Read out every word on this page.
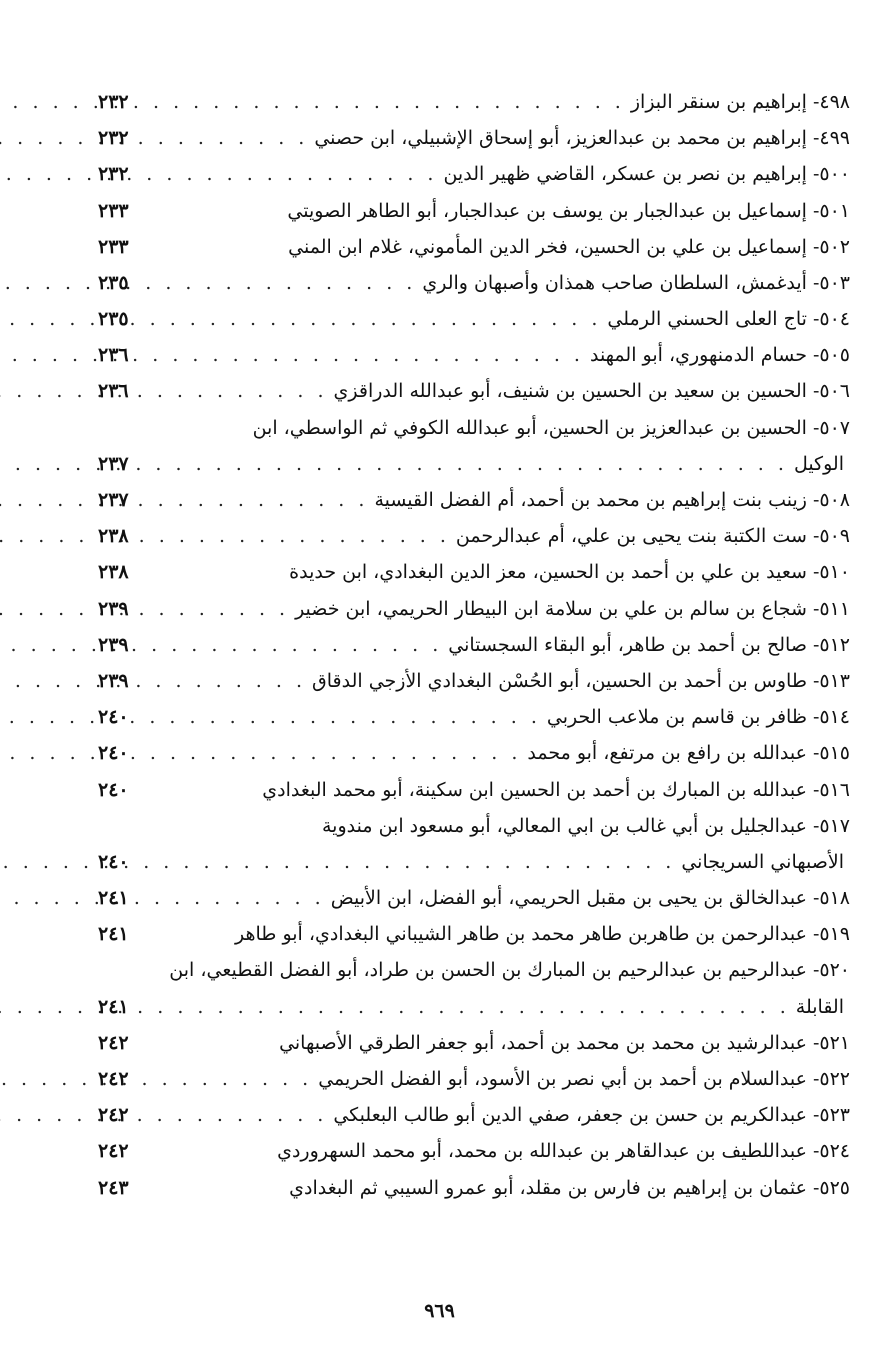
٤٩٨-
إبراهيم بن سنقر البزاز
. . .
٢٣٢
٤٩٩-
إبراهيم بن محمد بن عبدالعزيز، أبو إسحاق الإشبيلي، ابن حصني
. . .
٢٣٢
٥٠٠-
إبراهيم بن نصر بن عسكر، القاضي ظهير الدين
. . .
٢٣٢
٥٠١-
إسماعيل بن عبدالجبار بن يوسف بن عبدالجبار، أبو الطاهر الصويتي
٢٣٣
٥٠٢-
إسماعيل بن علي بن الحسين، فخر الدين المأموني، غلام ابن المني
٢٣٣
٥٠٣-
أيدغمش، السلطان صاحب همذان وأصبهان والري
. . .
٢٣٥
٥٠٤-
تاج العلى الحسني الرملي
. . .
٢٣٥
٥٠٥-
حسام الدمنهوري، أبو المهند
. . .
٢٣٦
٥٠٦-
الحسين بن سعيد بن الحسين بن شنيف، أبو عبدالله الدراقزي
. . .
٢٣٦
٥٠٧-
الحسين بن عبدالعزيز بن الحسين، أبو عبدالله الكوفي ثم الواسطي، ابن
الوكيل
. . .
٢٣٧
٥٠٨-
زينب بنت إبراهيم بن محمد بن أحمد، أم الفضل القيسية
. . .
٢٣٧
٥٠٩-
ست الكتبة بنت يحيى بن علي، أم عبدالرحمن
. . .
٢٣٨
٥١٠-
سعيد بن علي بن أحمد بن الحسين، معز الدين البغدادي، ابن حديدة
٢٣٨
٥١١-
شجاع بن سالم بن علي بن سلامة ابن البيطار الحريمي، ابن خضير
. . .
٢٣٩
٥١٢-
صالح بن أحمد بن طاهر، أبو البقاء السجستاني
. . .
٢٣٩
٥١٣-
طاوس بن أحمد بن الحسين، أبو الحُسْن البغدادي الأزجي الدقاق
. . .
٢٣٩
٥١٤-
ظافر بن قاسم بن ملاعب الحربي
. . .
٢٤٠
٥١٥-
عبدالله بن رافع بن مرتفع، أبو محمد
. . .
٢٤٠
٥١٦-
عبدالله بن المبارك بن أحمد بن الحسين ابن سكينة، أبو محمد البغدادي
٢٤٠
٥١٧-
عبدالجليل بن أبي غالب بن ابي المعالي، أبو مسعود ابن مندوية
الأصبهاني السريجاني
. . .
٢٤٠
٥١٨-
عبدالخالق بن يحيى بن مقبل الحريمي، أبو الفضل، ابن الأبيض
. . .
٢٤١
٥١٩-
عبدالرحمن بن طاهربن طاهر محمد بن طاهر الشيباني البغدادي، أبو طاهر
٢٤١
٥٢٠-
عبدالرحيم بن عبدالرحيم بن المبارك بن الحسن بن طراد، أبو الفضل القطيعي، ابن
القابلة
. . .
٢٤١
٥٢١-
عبدالرشيد بن محمد بن محمد بن أحمد، أبو جعفر الطرقي الأصبهاني
٢٤٢
٥٢٢-
عبدالسلام بن أحمد بن أبي نصر بن الأسود، أبو الفضل الحريمي
. . .
٢٤٢
٥٢٣-
عبدالكريم بن حسن بن جعفر، صفي الدين أبو طالب البعلبكي
. . .
٢٤٢
٥٢٤-
عبداللطيف بن عبدالقاهر بن عبدالله بن محمد، أبو محمد السهروردي
٢٤٢
٥٢٥-
عثمان بن إبراهيم بن فارس بن مقلد، أبو عمرو السيبي ثم البغدادي
٢٤٣
٩٦٩
